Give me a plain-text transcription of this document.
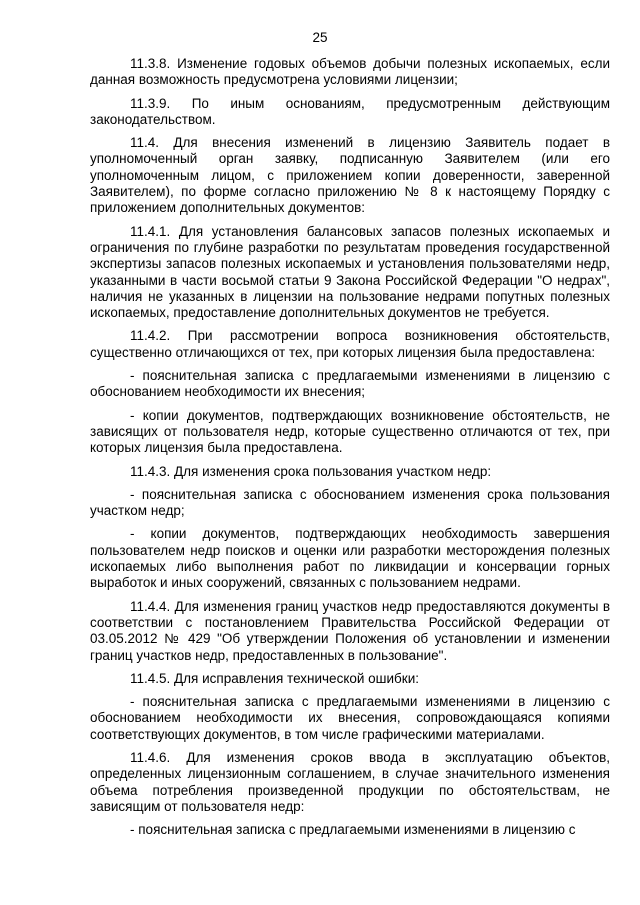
25

11.3.8. Изменение годовых объемов добычи полезных ископаемых, если данная возможность предусмотрена условиями лицензии;

11.3.9. По иным основаниям, предусмотренным действующим законодательством.

11.4. Для внесения изменений в лицензию Заявитель подает в уполномоченный орган заявку, подписанную Заявителем (или его уполномоченным лицом, с приложением копии доверенности, заверенной Заявителем), по форме согласно приложению № 8 к настоящему Порядку с приложением дополнительных документов:

11.4.1. Для установления балансовых запасов полезных ископаемых и ограничения по глубине разработки по результатам проведения государственной экспертизы запасов полезных ископаемых и установления пользователями недр, указанными в части восьмой статьи 9 Закона Российской Федерации "О недрах", наличия не указанных в лицензии на пользование недрами попутных полезных ископаемых, предоставление дополнительных документов не требуется.

11.4.2. При рассмотрении вопроса возникновения обстоятельств, существенно отличающихся от тех, при которых лицензия была предоставлена:

- пояснительная записка с предлагаемыми изменениями в лицензию с обоснованием необходимости их внесения;

- копии документов, подтверждающих возникновение обстоятельств, не зависящих от пользователя недр, которые существенно отличаются от тех, при которых лицензия была предоставлена.

11.4.3. Для изменения срока пользования участком недр:

- пояснительная записка с обоснованием изменения срока пользования участком недр;

- копии документов, подтверждающих необходимость завершения пользователем недр поисков и оценки или разработки месторождения полезных ископаемых либо выполнения работ по ликвидации и консервации горных выработок и иных сооружений, связанных с пользованием недрами.

11.4.4. Для изменения границ участков недр предоставляются документы в соответствии с постановлением Правительства Российской Федерации от 03.05.2012 № 429 "Об утверждении Положения об установлении и изменении границ участков недр, предоставленных в пользование".

11.4.5. Для исправления технической ошибки:

- пояснительная записка с предлагаемыми изменениями в лицензию с обоснованием необходимости их внесения, сопровождающаяся копиями соответствующих документов, в том числе графическими материалами.

11.4.6. Для изменения сроков ввода в эксплуатацию объектов, определенных лицензионным соглашением, в случае значительного изменения объема потребления произведенной продукции по обстоятельствам, не зависящим от пользователя недр:

- пояснительная записка с предлагаемыми изменениями в лицензию с
